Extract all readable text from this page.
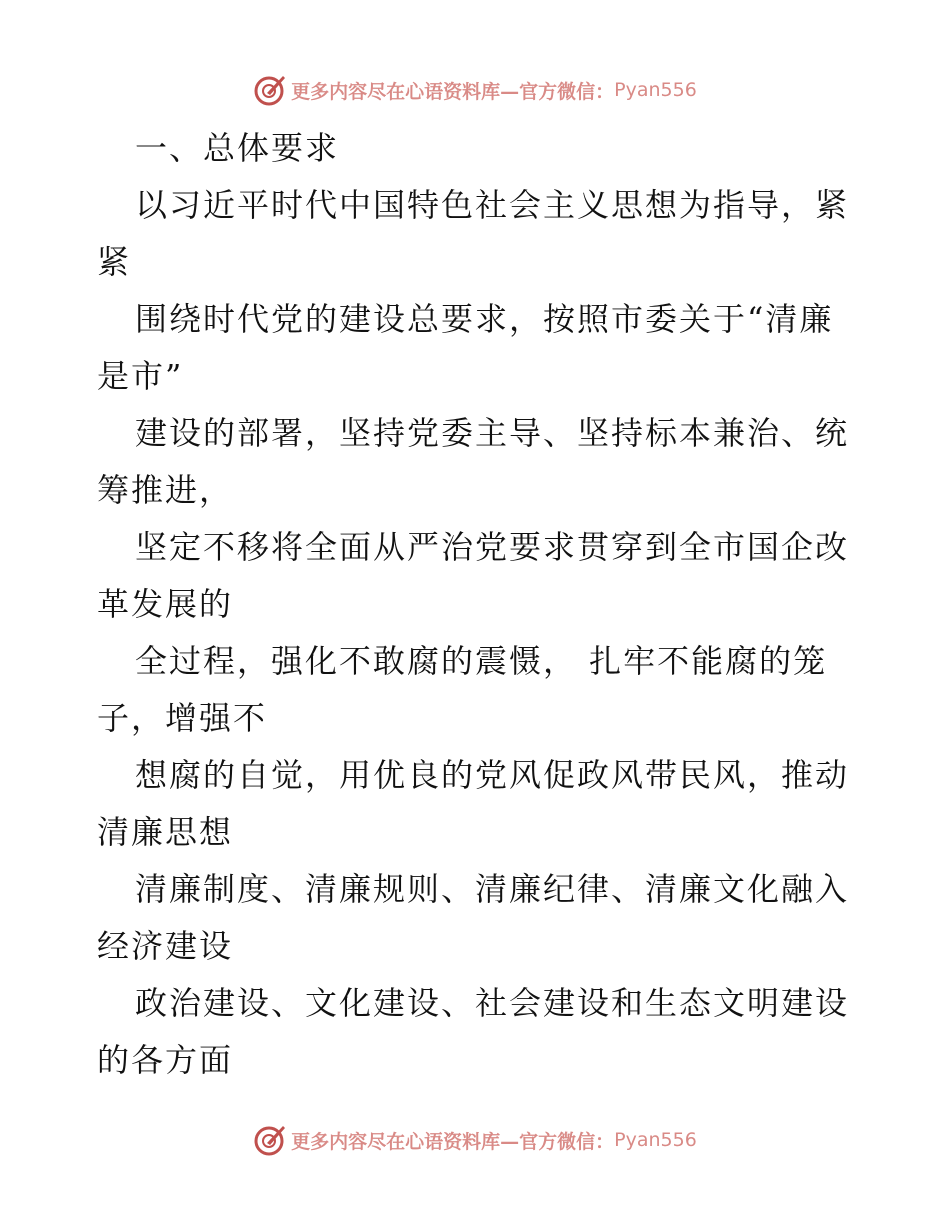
更多内容尽在心语资料库—官方微信： Pyan556
一、总体要求
以习近平时代中国特色社会主义思想为指导，紧
紧
围绕时代党的建设总要求，按照市委关于“清廉
是市”
建设的部署，坚持党委主导、坚持标本兼治、统
筹推进，
坚定不移将全面从严治党要求贯穿到全市国企改
革发展的
全过程，强化不敢腐的震慑， 扎牢不能腐的笼
子，增强不
想腐的自觉，用优良的党风促政风带民风，推动
清廉思想
清廉制度、清廉规则、清廉纪律、清廉文化融入
经济建设
政治建设、文化建设、社会建设和生态文明建设
的各方面
更多内容尽在心语资料库—官方微信： Pyan556
